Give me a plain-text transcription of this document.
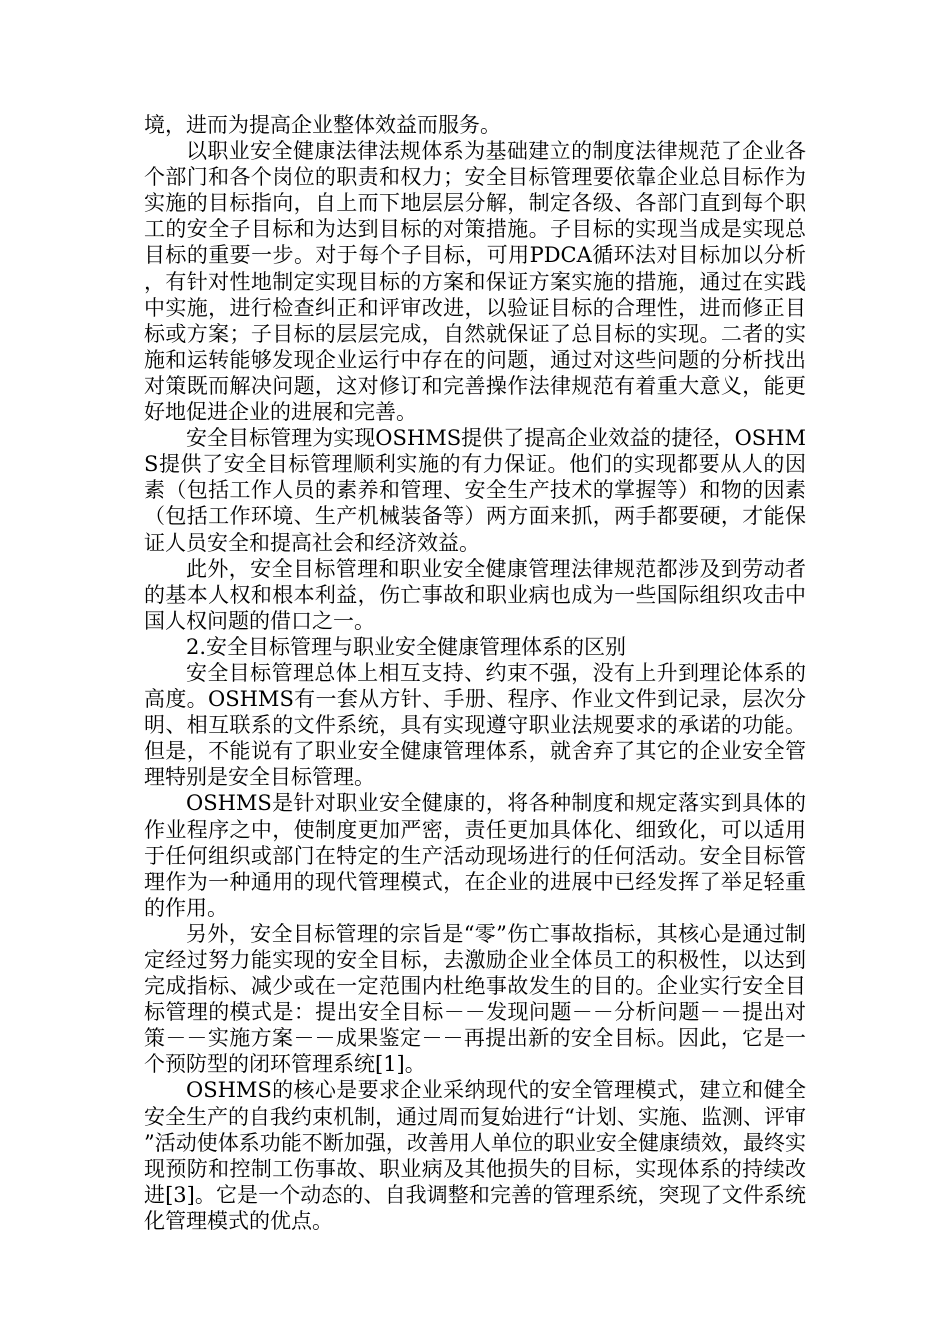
境，进而为提高企业整体效益而服务。

以职业安全健康法律法规体系为基础建立的制度法律规范了企业各个部门和各个岗位的职责和权力；安全目标管理要依靠企业总目标作为实施的目标指向，自上而下地层层分解，制定各级、各部门直到每个职工的安全子目标和为达到目标的对策措施。子目标的实现当成是实现总目标的重要一步。对于每个子目标，可用PDCA循环法对目标加以分析，有针对性地制定实现目标的方案和保证方案实施的措施，通过在实践中实施，进行检查纠正和评审改进，以验证目标的合理性，进而修正目标或方案；子目标的层层完成，自然就保证了总目标的实现。二者的实施和运转能够发现企业运行中存在的问题，通过对这些问题的分析找出对策既而解决问题，这对修订和完善操作法律规范有着重大意义，能更好地促进企业的进展和完善。

安全目标管理为实现OSHMS提供了提高企业效益的捷径，OSHMS提供了安全目标管理顺利实施的有力保证。他们的实现都要从人的因素（包括工作人员的素养和管理、安全生产技术的掌握等）和物的因素（包括工作环境、生产机械装备等）两方面来抓，两手都要硬，才能保证人员安全和提高社会和经济效益。

此外，安全目标管理和职业安全健康管理法律规范都涉及到劳动者的基本人权和根本利益，伤亡事故和职业病也成为一些国际组织攻击中国人权问题的借口之一。

2.安全目标管理与职业安全健康管理体系的区别

安全目标管理总体上相互支持、约束不强，没有上升到理论体系的高度。OSHMS有一套从方针、手册、程序、作业文件到记录，层次分明、相互联系的文件系统，具有实现遵守职业法规要求的承诺的功能。但是，不能说有了职业安全健康管理体系，就舍弃了其它的企业安全管理特别是安全目标管理。

OSHMS是针对职业安全健康的，将各种制度和规定落实到具体的作业程序之中，使制度更加严密，责任更加具体化、细致化，可以适用于任何组织或部门在特定的生产活动现场进行的任何活动。安全目标管理作为一种通用的现代管理模式，在企业的进展中已经发挥了举足轻重的作用。

另外，安全目标管理的宗旨是“零”伤亡事故指标，其核心是通过制定经过努力能实现的安全目标，去激励企业全体员工的积极性，以达到完成指标、减少或在一定范围内杜绝事故发生的目的。企业实行安全目标管理的模式是：提出安全目标－－发现问题－－分析问题－－提出对策－－实施方案－－成果鉴定－－再提出新的安全目标。因此，它是一个预防型的闭环管理系统[1]。

OSHMS的核心是要求企业采纳现代的安全管理模式，建立和健全安全生产的自我约束机制，通过周而复始进行“计划、实施、监测、评审”活动使体系功能不断加强，改善用人单位的职业安全健康绩效，最终实现预防和控制工伤事故、职业病及其他损失的目标，实现体系的持续改进[3]。它是一个动态的、自我调整和完善的管理系统，突现了文件系统化管理模式的优点。
